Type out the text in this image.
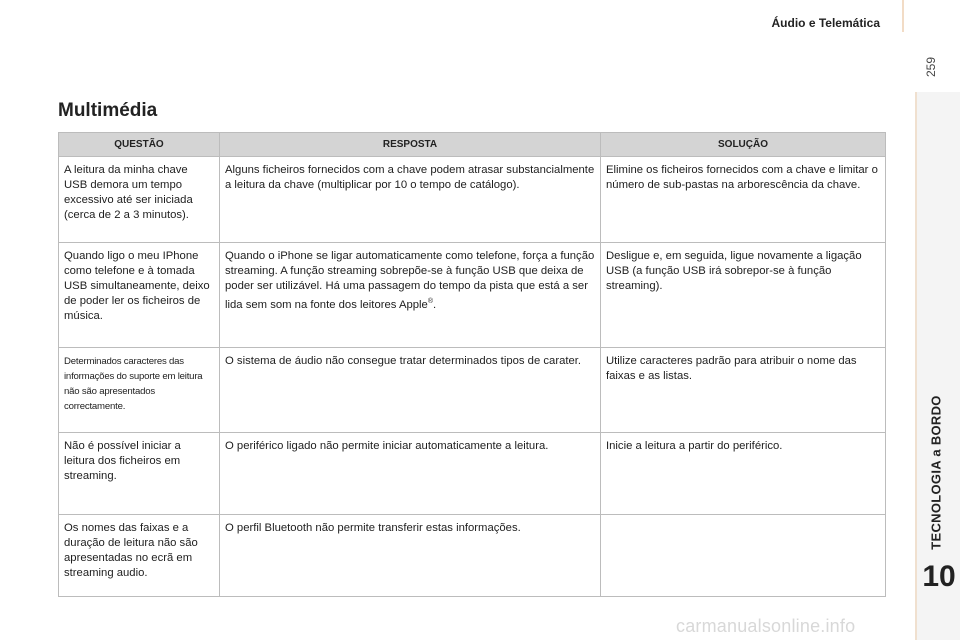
Áudio e Telemática
259
TECNOLOGIA a BORDO
10
Multimédia
QUESTÃO	RESPOSTA	SOLUÇÃO
A leitura da minha chave USB demora um tempo excessivo até ser iniciada (cerca de 2 a 3 minutos).	Alguns ficheiros fornecidos com a chave podem atrasar substancialmente a leitura da chave (multiplicar por 10 o tempo de catálogo).	Elimine os ficheiros fornecidos com a chave e limitar o número de sub-pastas na arborescência da chave.
Quando ligo o meu IPhone como telefone e à tomada USB simultaneamente, deixo de poder ler os ficheiros de música.	Quando o iPhone se ligar automaticamente como telefone, força a função streaming. A função streaming sobrepõe-se à função USB que deixa de poder ser utilizável. Há uma passagem do tempo da pista que está a ser lida sem som na fonte dos leitores Apple®.	Desligue e, em seguida, ligue novamente a ligação USB (a função USB irá sobrepor-se à função streaming).
Determinados caracteres das informações do suporte em leitura não são apresentados correctamente.	O sistema de áudio não consegue tratar determinados tipos de carater.	Utilize caracteres padrão para atribuir o nome das faixas e as listas.
Não é possível iniciar a leitura dos ficheiros em streaming.	O periférico ligado não permite iniciar automaticamente a leitura.	Inicie a leitura a partir do periférico.
Os nomes das faixas e a duração de leitura não são apresentadas no ecrã em streaming audio.	O perfil Bluetooth não permite transferir estas informações.	
carmanualsonline.info
